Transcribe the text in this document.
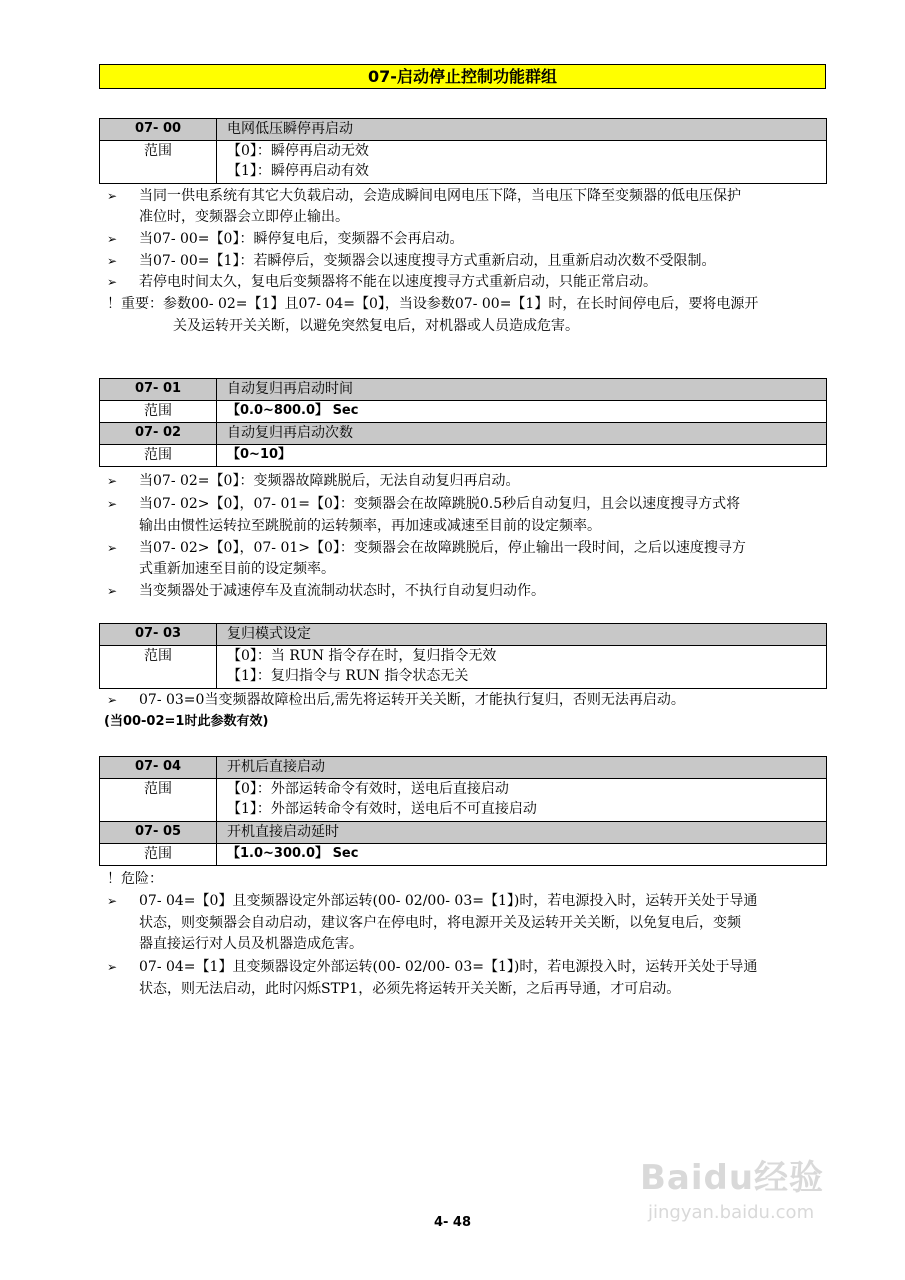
07-启动停止控制功能群组
07- 00	电网低压瞬停再启动
范围	【0】：瞬停再启动无效
【1】：瞬停再启动有效
➢ 当同一供电系统有其它大负载启动，会造成瞬间电网电压下降，当电压下降至变频器的低电压保护
准位时，变频器会立即停止输出。
➢ 当07- 00=【0】：瞬停复电后，变频器不会再启动。
➢ 当07- 00=【1】：若瞬停后，变频器会以速度搜寻方式重新启动，且重新启动次数不受限制。
➢ 若停电时间太久，复电后变频器将不能在以速度搜寻方式重新启动，只能正常启动。
！重要：参数00- 02=【1】且07- 04=【0】，当设参数07- 00=【1】时，在长时间停电后，要将电源开
关及运转开关关断，以避免突然复电后，对机器或人员造成危害。
07- 01	自动复归再启动时间
范围	【0.0~800.0】 Sec
07- 02	自动复归再启动次数
范围	【0~10】
➢ 当07- 02=【0】：变频器故障跳脱后，无法自动复归再启动。
➢ 当07- 02>【0】，07- 01=【0】：变频器会在故障跳脱0.5秒后自动复归，且会以速度搜寻方式将
输出由惯性运转拉至跳脱前的运转频率，再加速或减速至目前的设定频率。
➢ 当07- 02>【0】，07- 01>【0】：变频器会在故障跳脱后，停止输出一段时间，之后以速度搜寻方
式重新加速至目前的设定频率。
➢ 当变频器处于减速停车及直流制动状态时，不执行自动复归动作。
07- 03	复归模式设定
范围	【0】：当 RUN 指令存在时，复归指令无效
【1】：复归指令与 RUN 指令状态无关
➢ 07- 03=0当变频器故障检出后,需先将运转开关关断，才能执行复归，否则无法再启动。
(当00-02=1时此参数有效)
07- 04	开机后直接启动
范围	【0】：外部运转命令有效时，送电后直接启动
【1】：外部运转命令有效时，送电后不可直接启动

07- 05	开机直接启动延时
范围	【1.0~300.0】 Sec
！危险：
➢ 07- 04=【0】且变频器设定外部运转(00- 02/00- 03=【1】)时，若电源投入时，运转开关处于导通
状态，则变频器会自动启动，建议客户在停电时，将电源开关及运转开关关断，以免复电后，变频
器直接运行对人员及机器造成危害。
➢ 07- 04=【1】且变频器设定外部运转(00- 02/00- 03=【1】)时，若电源投入时，运转开关处于导通
状态，则无法启动，此时闪烁STP1，必须先将运转开关关断，之后再导通，才可启动。
Baidu经验
jingyan.baidu.com
4- 48
